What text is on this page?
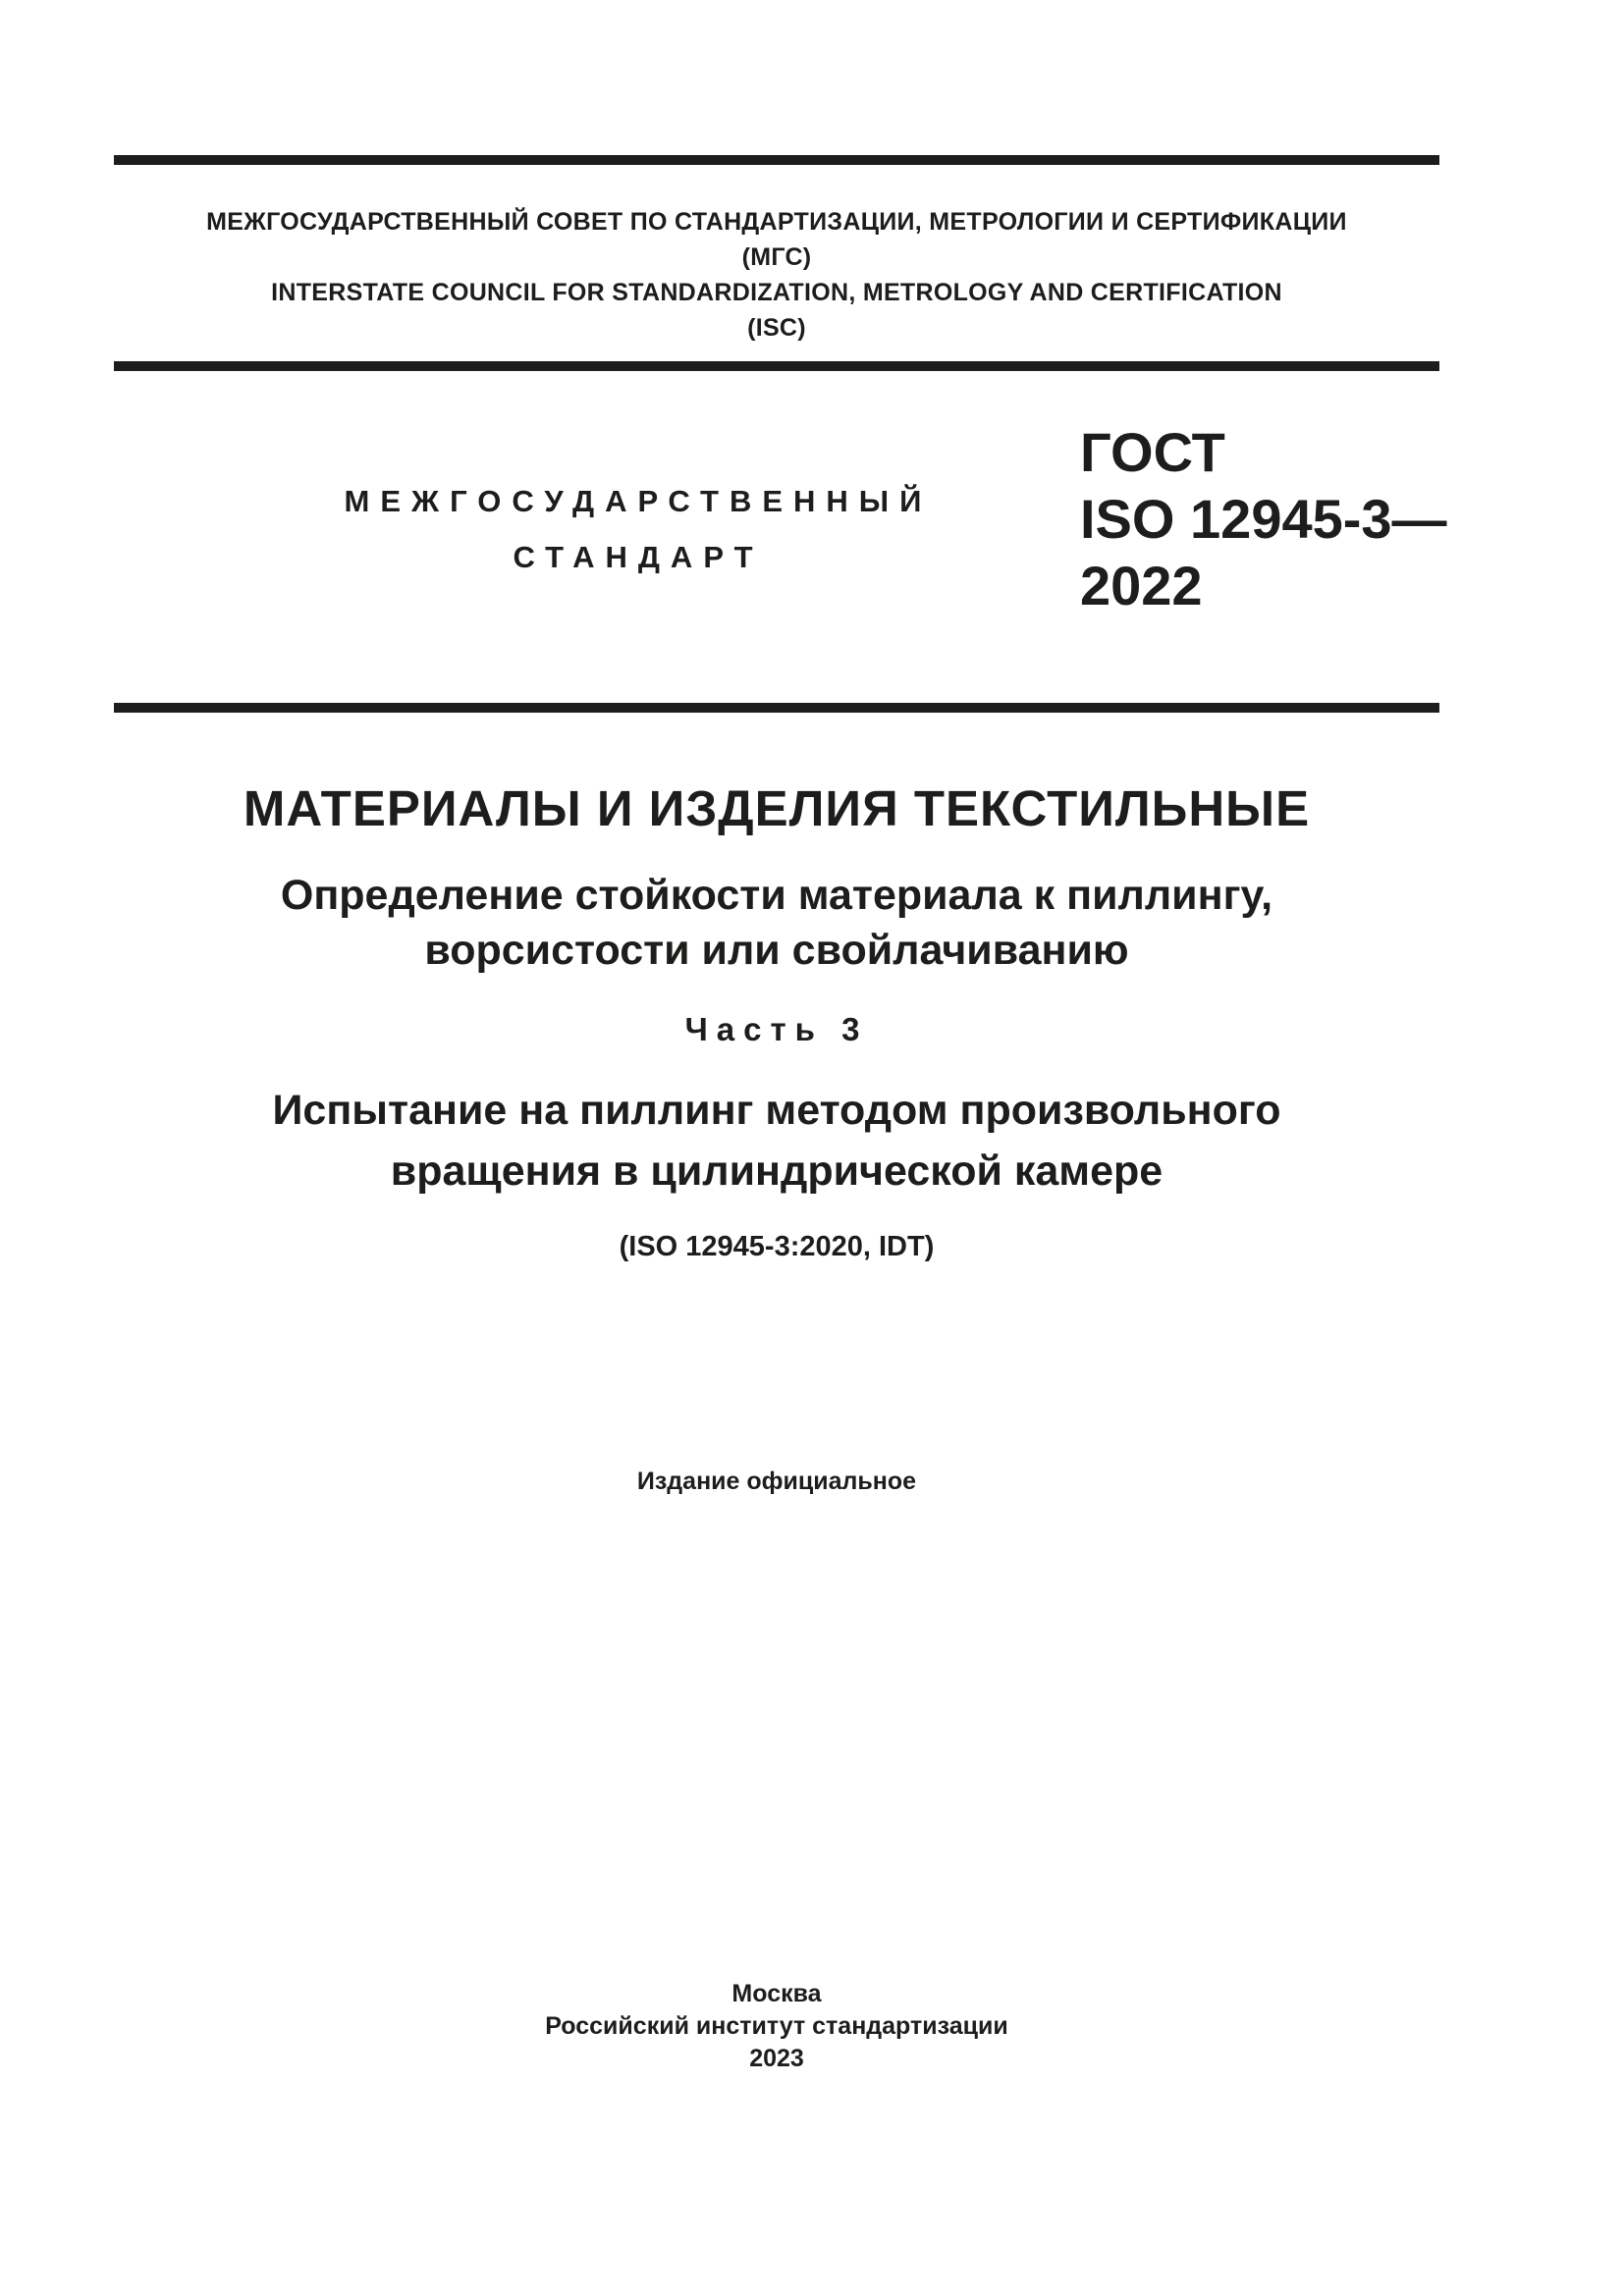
МЕЖГОСУДАРСТВЕННЫЙ СОВЕТ ПО СТАНДАРТИЗАЦИИ, МЕТРОЛОГИИ И СЕРТИФИКАЦИИ
(МГС)
INTERSTATE COUNCIL FOR STANDARDIZATION, METROLOGY AND CERTIFICATION
(ISC)
МЕЖГОСУДАРСТВЕННЫЙ
СТАНДАРТ
ГОСТ
ISO 12945-3—
2022
МАТЕРИАЛЫ И ИЗДЕЛИЯ ТЕКСТИЛЬНЫЕ
Определение стойкости материала к пиллингу,
ворсистости или свойлачиванию
Часть 3
Испытание на пиллинг методом произвольного
вращения в цилиндрической камере
(ISO 12945-3:2020, IDT)
Издание официальное
Москва
Российский институт стандартизации
2023
